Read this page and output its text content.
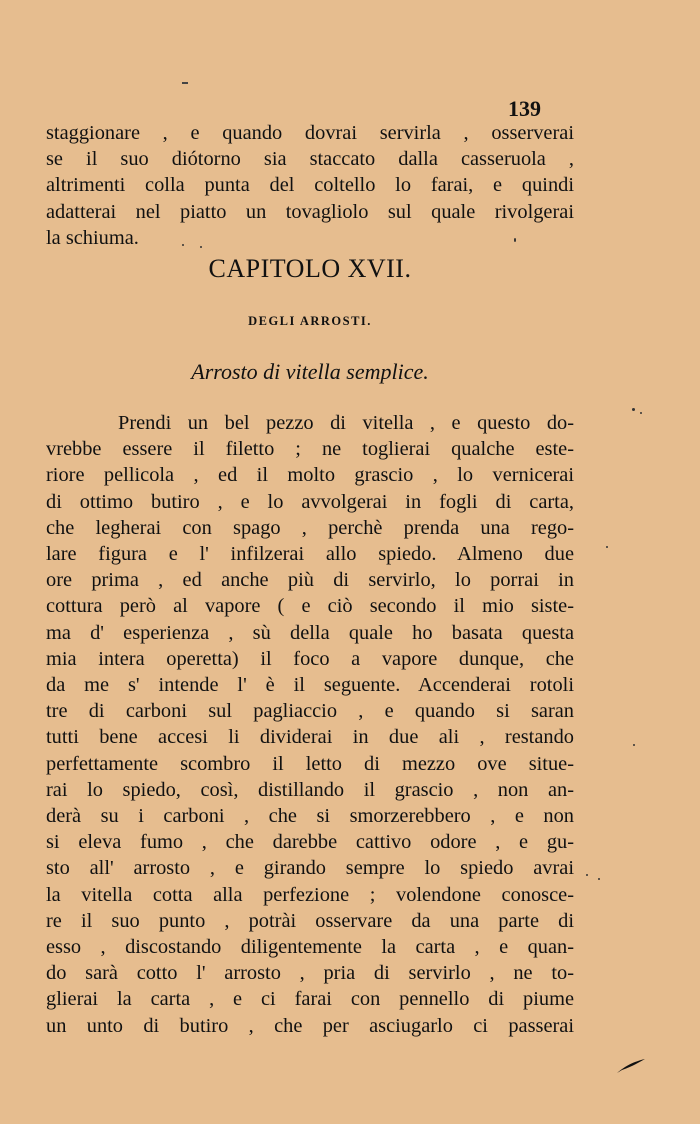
139
staggionare , e quando dovrai servirla , osserverai
se il suo diótorno sia staccato dalla casseruola ,
altrimenti colla punta del coltello lo farai, e quindi
adatterai nel piatto un tovagliolo sul quale rivolgerai
la schiuma.
CAPITOLO XVII.
DEGLI ARROSTI.
Arrosto di vitella semplice.
Prendi un bel pezzo di vitella , e questo do-
vrebbe essere il filetto ; ne toglierai qualche este-
riore pellicola , ed il molto grascio , lo vernicerai
di ottimo butiro , e lo avvolgerai in fogli di carta,
che legherai con spago , perchè prenda una rego-
lare figura e l' infilzerai allo spiedo. Almeno due
ore prima , ed anche più di servirlo, lo porrai in
cottura però al vapore ( e ciò secondo il mio siste-
ma d' esperienza , sù della quale ho basata questa
mia intera operetta) il foco a vapore dunque, che
da me s' intende l' è il seguente. Accenderai rotoli
tre di carboni sul pagliaccio , e quando si saran
tutti bene accesi li dividerai in due ali , restando
perfettamente scombro il letto di mezzo ove situe-
rai lo spiedo, così, distillando il grascio , non an-
derà su i carboni , che si smorzerebbero , e non
si eleva fumo , che darebbe cattivo odore , e gu-
sto all' arrosto , e girando sempre lo spiedo avrai
la vitella cotta alla perfezione ; volendone conosce-
re il suo punto , potrài osservare da una parte di
esso , discostando diligentemente la carta , e quan-
do sarà cotto l' arrosto , pria di servirlo , ne to-
glierai la carta , e ci farai con pennello di piume
un unto di butiro , che per asciugarlo ci passerai
